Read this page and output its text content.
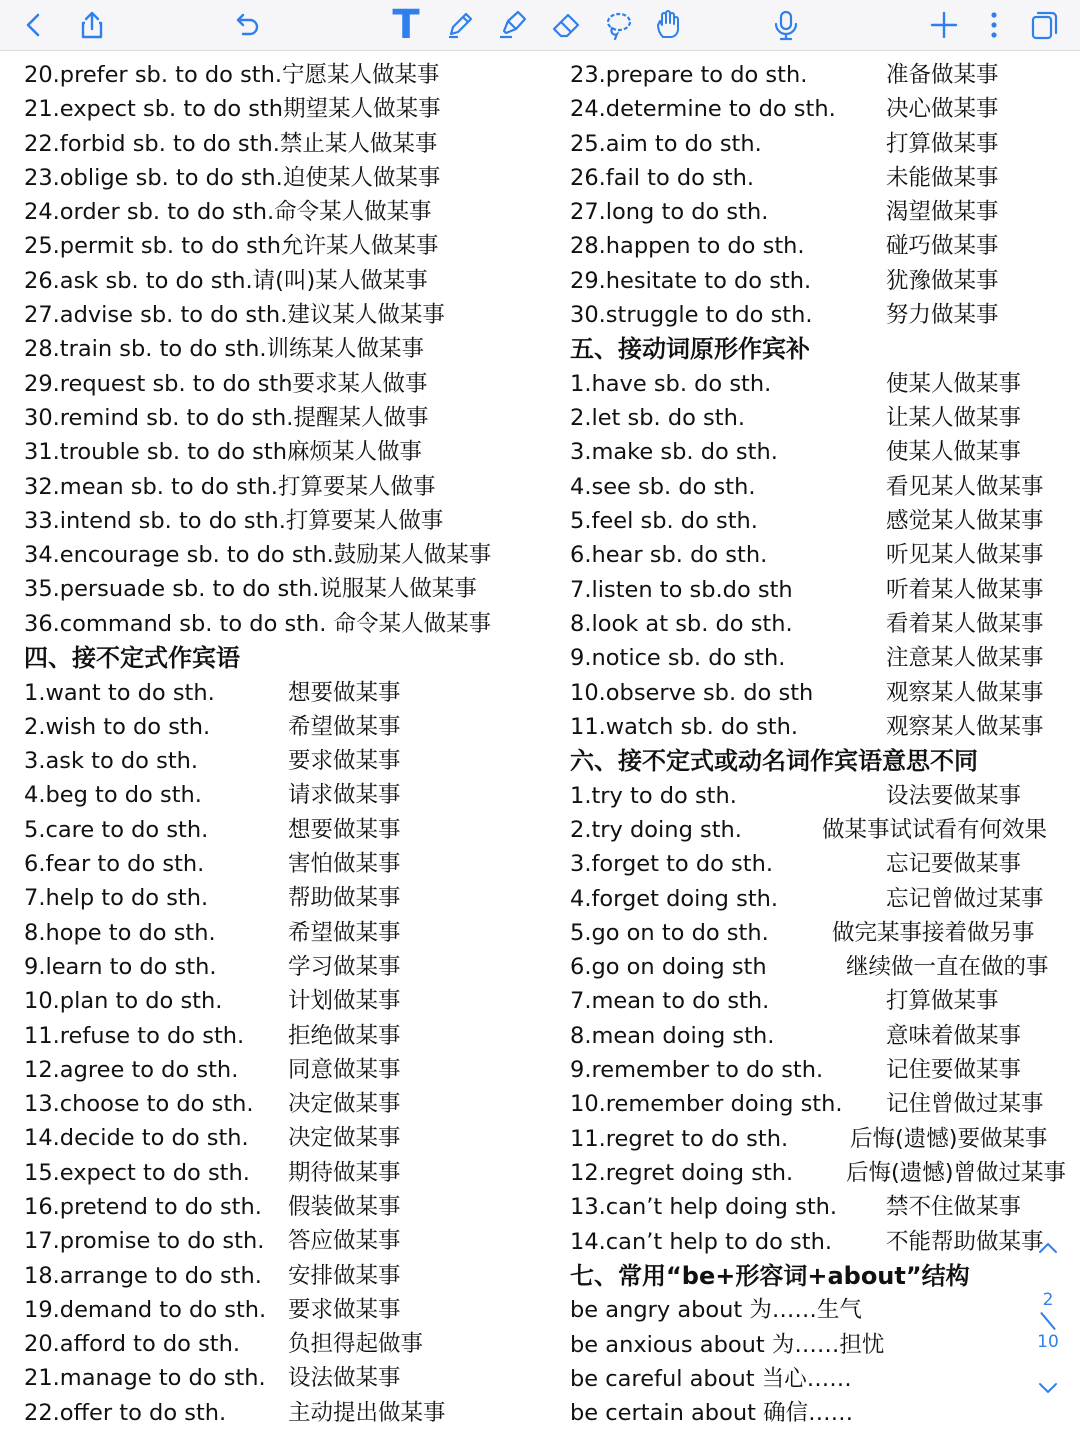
T
20.prefer sb. to do sth.宁愿某人做某事
21.expect sb. to do sth期望某人做某事
22.forbid sb. to do sth.禁止某人做某事
23.oblige sb. to do sth.迫使某人做某事
24.order sb. to do sth.命令某人做某事
25.permit sb. to do sth允许某人做某事
26.ask sb. to do sth.请(叫)某人做某事
27.advise sb. to do sth.建议某人做某事
28.train sb. to do sth.训练某人做某事
29.request sb. to do sth要求某人做事
30.remind sb. to do sth.提醒某人做事
31.trouble sb. to do sth麻烦某人做事
32.mean sb. to do sth.打算要某人做事
33.intend sb. to do sth.打算要某人做事
34.encourage sb. to do sth.鼓励某人做某事
35.persuade sb. to do sth.说服某人做某事
36.command sb. to do sth. 命令某人做某事
四、接不定式作宾语
1.want to do sth.	想要做某事
2.wish to do sth.	希望做某事
3.ask to do sth.	要求做某事
4.beg to do sth.	请求做某事
5.care to do sth.	想要做某事
6.fear to do sth.	害怕做某事
7.help to do sth.	帮助做某事
8.hope to do sth.	希望做某事
9.learn to do sth.	学习做某事
10.plan to do sth.	计划做某事
11.refuse to do sth. 拒绝做某事
12.agree to do sth. 同意做某事
13.choose to do sth. 决定做某事
14.decide to do sth. 决定做某事
15.expect to do sth. 期待做某事
16.pretend to do sth. 假装做某事
17.promise to do sth. 答应做某事
18.arrange to do sth. 安排做某事
19.demand to do sth. 要求做某事
20.afford to do sth. 负担得起做事
21.manage to do sth. 设法做某事
22.offer to do sth.	主动提出做某事
23.prepare to do sth.	准备做某事
24.determine to do sth. 决心做某事
25.aim to do sth.	打算做某事
26.fail to do sth.	未能做某事
27.long to do sth.	渴望做某事
28.happen to do sth.	碰巧做某事
29.hesitate to do sth.	犹豫做某事
30.struggle to do sth.	努力做某事
五、接动词原形作宾补
1.have sb. do sth.	使某人做某事
2.let sb. do sth.	让某人做某事
3.make sb. do sth.	使某人做某事
4.see sb. do sth.	看见某人做某事
5.feel sb. do sth.	感觉某人做某事
6.hear sb. do sth.	听见某人做某事
7.listen to sb.do sth	听着某人做某事
8.look at sb. do sth.	看着某人做某事
9.notice sb. do sth.	注意某人做某事
10.observe sb. do sth	观察某人做某事
11.watch sb. do sth.	观察某人做某事
六、接不定式或动名词作宾语意思不同
1.try to do sth.	设法要做某事
2.try doing sth.	做某事试试看有何效果
3.forget to do sth.	忘记要做某事
4.forget doing sth.	忘记曾做过某事
5.go on to do sth.	做完某事接着做另事
6.go on doing sth	继续做一直在做的事
7.mean to do sth.	打算做某事
8.mean doing sth.	意味着做某事
9.remember to do sth.	记住要做某事
10.remember doing sth. 记住曾做过某事
11.regret to do sth.	后悔(遗憾)要做某事
12.regret doing sth. 后悔(遗憾)曾做过某事
13.can’t help doing sth. 禁不住做某事
14.can’t help to do sth. 不能帮助做某事
七、常用“be+形容词+about”结构
be angry about 为……生气
be anxious about 为……担忧
be careful about 当心……
be certain about 确信……
2
10
